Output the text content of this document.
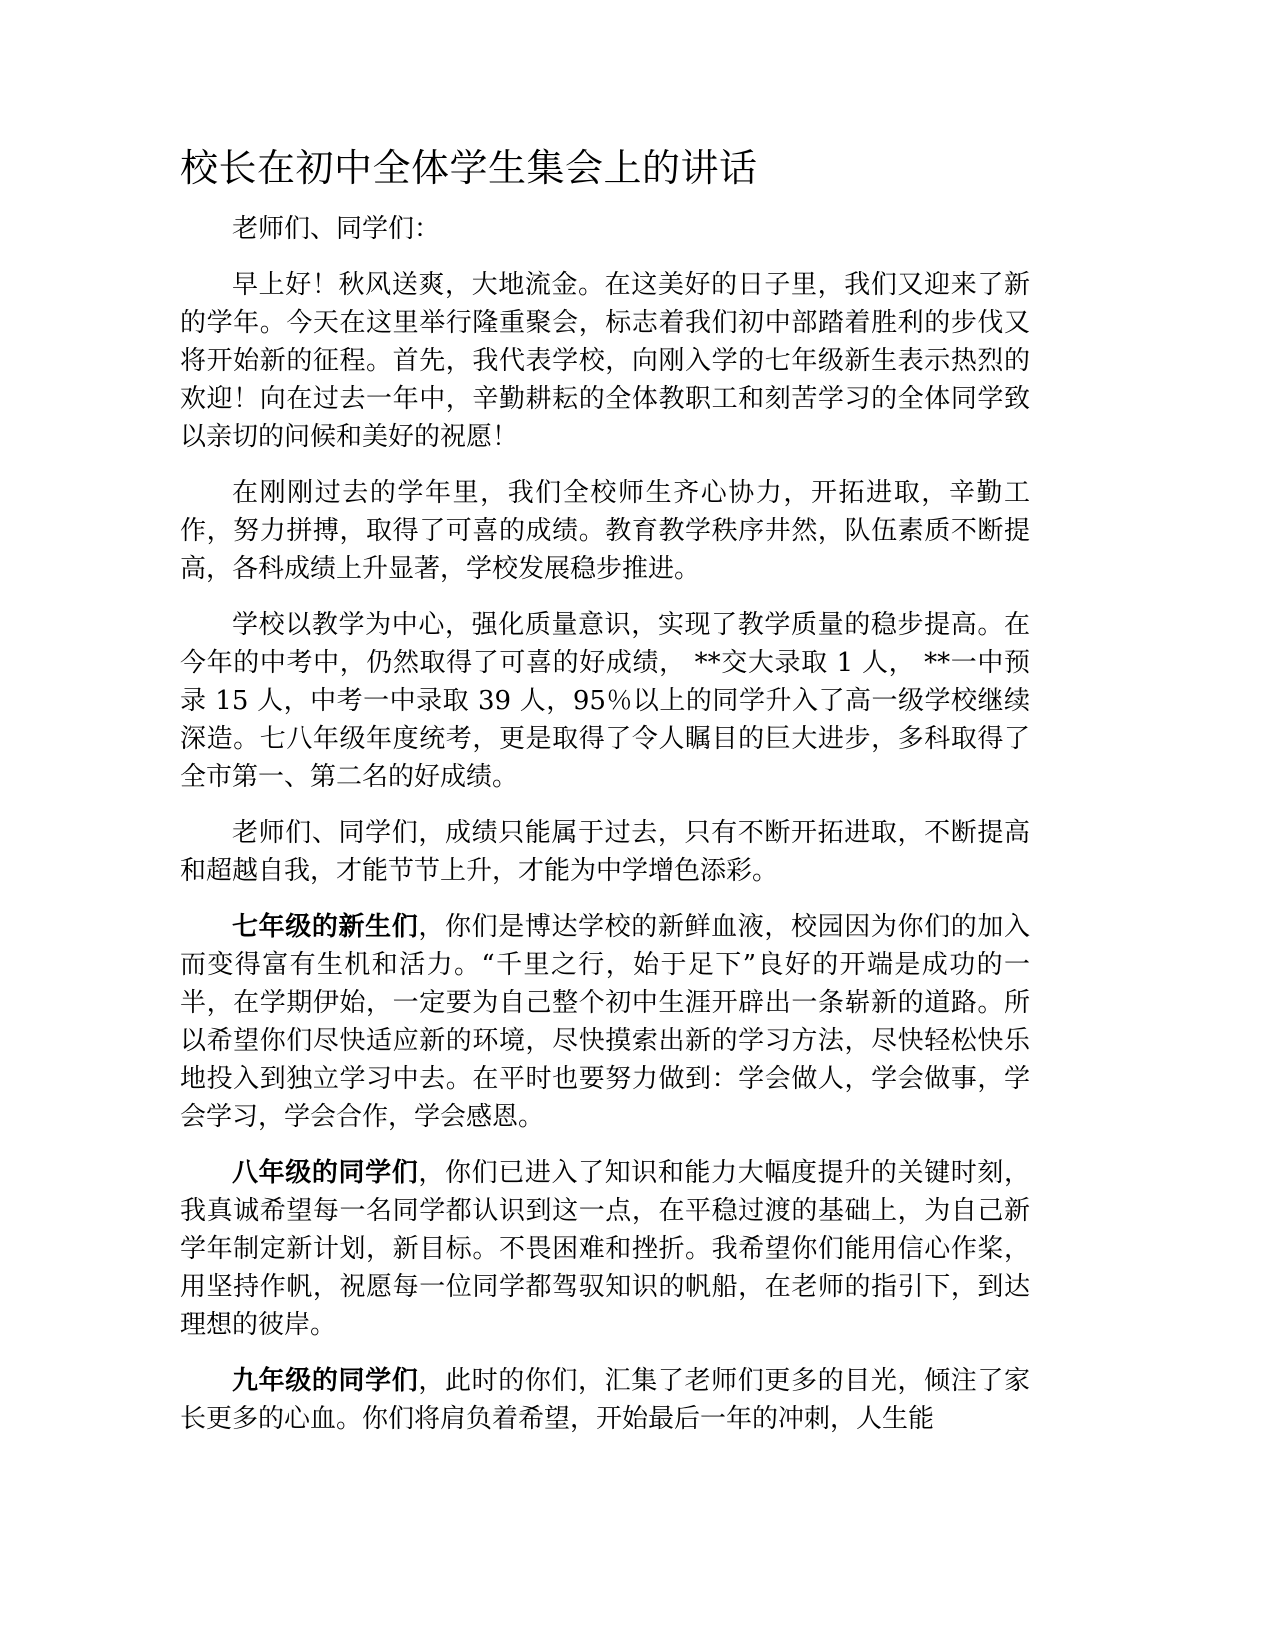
校长在初中全体学生集会上的讲话

老师们、同学们：

早上好！秋风送爽，大地流金。在这美好的日子里，我们又迎来了新的学年。今天在这里举行隆重聚会，标志着我们初中部踏着胜利的步伐又将开始新的征程。首先，我代表学校，向刚入学的七年级新生表示热烈的欢迎！向在过去一年中，辛勤耕耘的全体教职工和刻苦学习的全体同学致以亲切的问候和美好的祝愿！

在刚刚过去的学年里，我们全校师生齐心协力，开拓进取，辛勤工作，努力拼搏，取得了可喜的成绩。教育教学秩序井然，队伍素质不断提高，各科成绩上升显著，学校发展稳步推进。

学校以教学为中心，强化质量意识，实现了教学质量的稳步提高。在今年的中考中，仍然取得了可喜的好成绩， **交大录取 1 人， **一中预录 15 人，中考一中录取 39 人，95％以上的同学升入了高一级学校继续深造。七八年级年度统考，更是取得了令人瞩目的巨大进步，多科取得了全市第一、第二名的好成绩。

老师们、同学们，成绩只能属于过去，只有不断开拓进取，不断提高和超越自我，才能节节上升，才能为中学增色添彩。

七年级的新生们，你们是博达学校的新鲜血液，校园因为你们的加入而变得富有生机和活力。“千里之行，始于足下”良好的开端是成功的一半，在学期伊始，一定要为自己整个初中生涯开辟出一条崭新的道路。所以希望你们尽快适应新的环境，尽快摸索出新的学习方法，尽快轻松快乐地投入到独立学习中去。在平时也要努力做到：学会做人，学会做事，学会学习，学会合作，学会感恩。

八年级的同学们，你们已进入了知识和能力大幅度提升的关键时刻，我真诚希望每一名同学都认识到这一点，在平稳过渡的基础上，为自己新学年制定新计划，新目标。不畏困难和挫折。我希望你们能用信心作桨，用坚持作帆，祝愿每一位同学都驾驭知识的帆船，在老师的指引下，到达理想的彼岸。

九年级的同学们，此时的你们，汇集了老师们更多的目光，倾注了家长更多的心血。你们将肩负着希望，开始最后一年的冲刺，人生能
